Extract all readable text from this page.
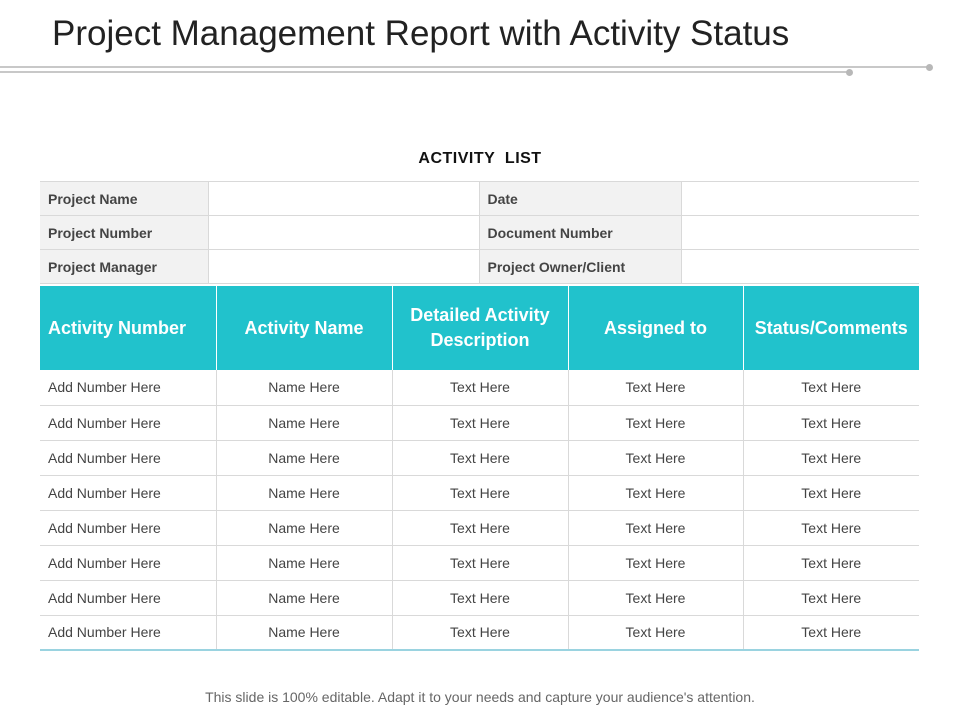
Project Management Report with Activity Status
ACTIVITY  LIST
Project Name		Date	
Project Number		Document Number	
Project Manager		Project Owner/Client	
Activity Number	Activity Name	Detailed Activity Description	Assigned to	Status/Comments
Add Number Here	Name Here	Text Here	Text Here	Text Here
Add Number Here	Name Here	Text Here	Text Here	Text Here
Add Number Here	Name Here	Text Here	Text Here	Text Here
Add Number Here	Name Here	Text Here	Text Here	Text Here
Add Number Here	Name Here	Text Here	Text Here	Text Here
Add Number Here	Name Here	Text Here	Text Here	Text Here
Add Number Here	Name Here	Text Here	Text Here	Text Here
Add Number Here	Name Here	Text Here	Text Here	Text Here
This slide is 100% editable. Adapt it to your needs and capture your audience's attention.
